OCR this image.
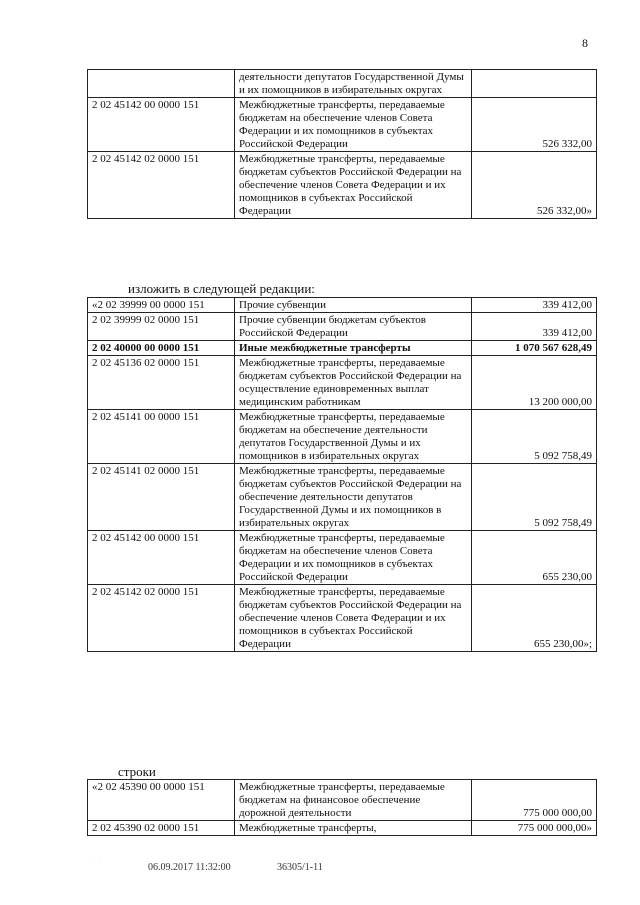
8
	деятельности депутатов Государственной Думы и их помощников в избирательных округах	
2 02 45142 00 0000 151	Межбюджетные трансферты, передаваемые бюджетам на обеспечение членов Совета Федерации и их помощников в субъектах Российской Федерации	526 332,00
2 02 45142 02 0000 151	Межбюджетные трансферты, передаваемые бюджетам субъектов Российской Федерации на обеспечение членов Совета Федерации и их помощников в субъектах Российской Федерации	526 332,00»
изложить в следующей редакции:
«2 02 39999 00 0000 151	Прочие субвенции	339 412,00
2 02 39999 02 0000 151	Прочие субвенции бюджетам субъектов Российской Федерации	339 412,00
2 02 40000 00 0000 151	Иные межбюджетные трансферты	1 070 567 628,49
2 02 45136 02 0000 151	Межбюджетные трансферты, передаваемые бюджетам субъектов Российской Федерации на осуществление единовременных выплат медицинским работникам	13 200 000,00
2 02 45141 00 0000 151	Межбюджетные трансферты, передаваемые бюджетам на обеспечение деятельности депутатов Государственной Думы и их помощников в избирательных округах	5 092 758,49
2 02 45141 02 0000 151	Межбюджетные трансферты, передаваемые бюджетам субъектов Российской Федерации на обеспечение деятельности депутатов Государственной Думы и их помощников в избирательных округах	5 092 758,49
2 02 45142 00 0000 151	Межбюджетные трансферты, передаваемые бюджетам на обеспечение членов Совета Федерации и их помощников в субъектах Российской Федерации	655 230,00
2 02 45142 02 0000 151	Межбюджетные трансферты, передаваемые бюджетам субъектов Российской Федерации на обеспечение членов Совета Федерации и их помощников в субъектах Российской Федерации	655 230,00»;
строки
«2 02 45390 00 0000 151	Межбюджетные трансферты, передаваемые бюджетам на финансовое обеспечение дорожной деятельности	775 000 000,00
2 02 45390 02 0000 151	Межбюджетные трансферты,	775 000 000,00»
· ·
06.09.2017 11:32:00	36305/1-11
